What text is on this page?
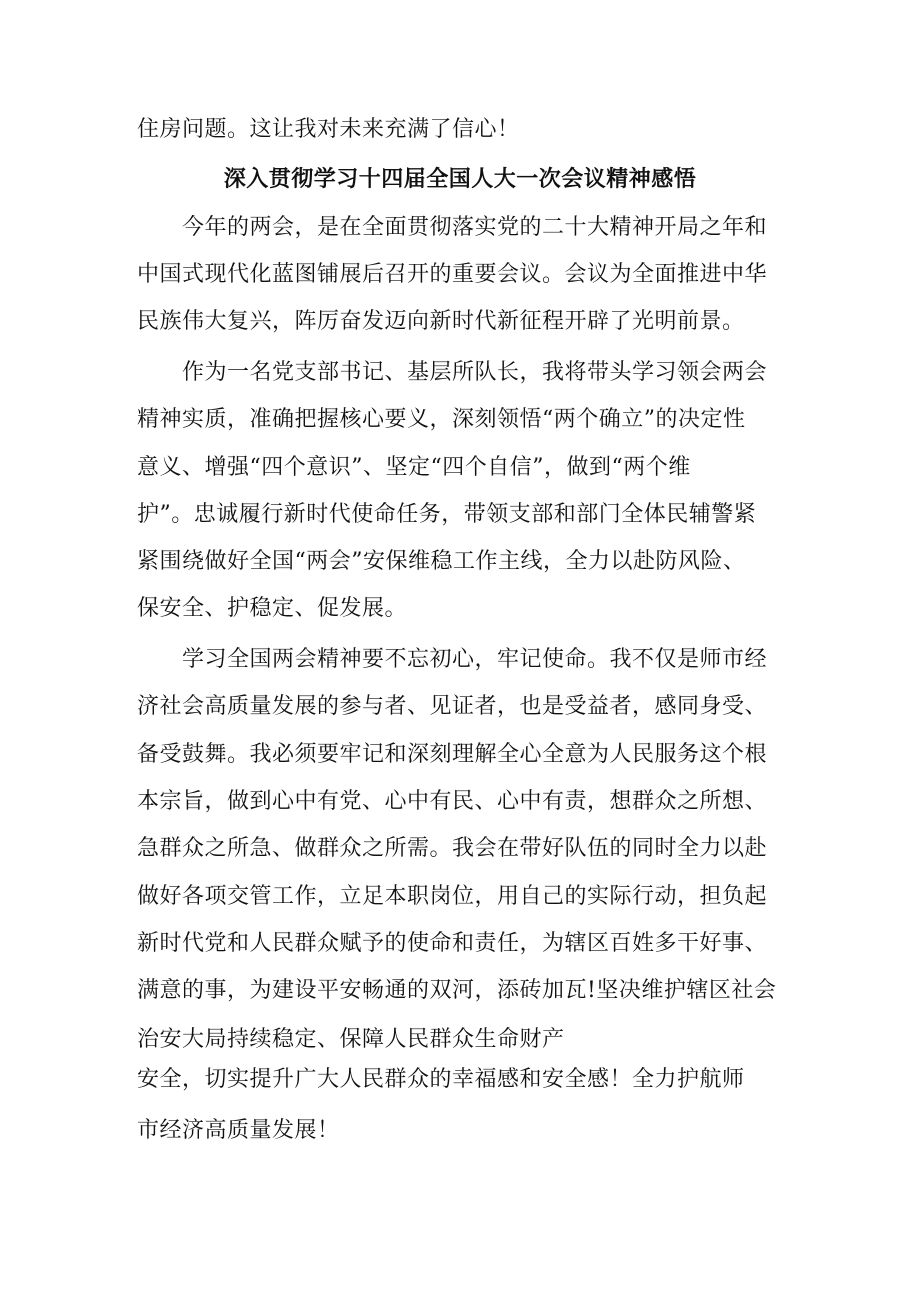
住房问题。这让我对未来充满了信心！
深入贯彻学习十四届全国人大一次会议精神感悟
今年的两会，是在全面贯彻落实党的二十大精神开局之年和
中国式现代化蓝图铺展后召开的重要会议。会议为全面推进中华
民族伟大复兴，阵厉奋发迈向新时代新征程开辟了光明前景。
作为一名党支部书记、基层所队长，我将带头学习领会两会
精神实质，准确把握核心要义，深刻领悟“两个确立”的决定性
意义、增强“四个意识”、坚定“四个自信”，做到“两个维
护”。忠诚履行新时代使命任务，带领支部和部门全体民辅警紧
紧围绕做好全国“两会”安保维稳工作主线，全力以赴防风险、
保安全、护稳定、促发展。
学习全国两会精神要不忘初心，牢记使命。我不仅是师市经
济社会高质量发展的参与者、见证者，也是受益者，感同身受、
备受鼓舞。我必须要牢记和深刻理解全心全意为人民服务这个根
本宗旨，做到心中有党、心中有民、心中有责，想群众之所想、
急群众之所急、做群众之所需。我会在带好队伍的同时全力以赴
做好各项交管工作，立足本职岗位，用自己的实际行动，担负起
新时代党和人民群众赋予的使命和责任，为辖区百姓多干好事、
满意的事，为建设平安畅通的双河，添砖加瓦!坚决维护辖区社会
治安大局持续稳定、保障人民群众生命财产
安全，切实提升广大人民群众的幸福感和安全感！全力护航师
市经济高质量发展！
